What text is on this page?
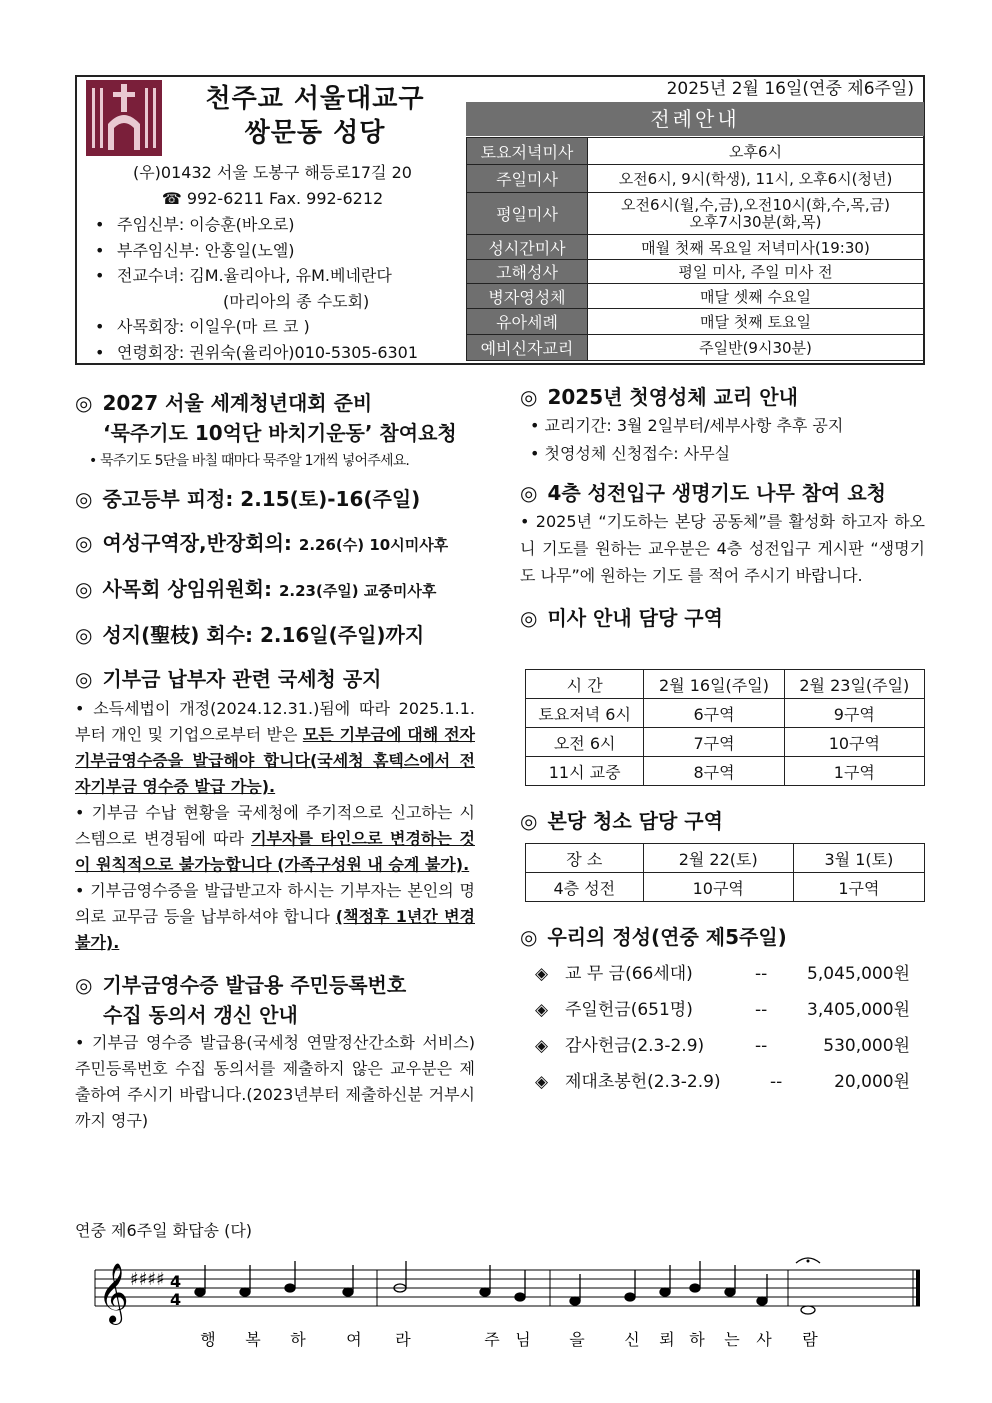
천주교 서울대교구
쌍문동 성당
(우)01432 서울 도봉구 해등로17길 20
☎ 992-6211 Fax. 992-6212
• 주임신부: 이승훈(바오로)
• 부주임신부: 안홍일(노엘)
• 전교수녀: 김M.율리아나, 유M.베네란다
(마리아의 종 수도회)
• 사목회장: 이일우(마 르 코 )
• 연령회장: 권위숙(율리아)010-5305-6301
2025년 2월 16일(연중 제6주일)
전례안내
토요저녁미사	오후6시
주일미사	오전6시, 9시(학생), 11시, 오후6시(청년)
평일미사	오전6시(월,수,금),오전10시(화,수,목,금)
오후7시30분(화,목)

성시간미사	매월 첫째 목요일 저녁미사(19:30)
고해성사	평일 미사, 주일 미사 전
병자영성체	매달 셋째 수요일
유아세례	매달 첫째 토요일
예비신자교리	주일반(9시30분)
◎ 2027 서울 세계청년대회 준비
‘묵주기도 10억단 바치기운동’ 참여요청
• 묵주기도 5단을 바칠 때마다 묵주알 1개씩 넣어주세요.
◎ 중고등부 피정: 2.15(토)-16(주일)
◎ 여성구역장,반장회의: 2.26(수) 10시미사후
◎ 사목회 상임위원회: 2.23(주일) 교중미사후
◎ 성지(聖枝) 회수: 2.16일(주일)까지
◎ 기부금 납부자 관련 국세청 공지
• 소득세법이 개정(2024.12.31.)됨에 따라 2025.1.1.부터 개인 및 기업으로부터 받은 모든 기부금에 대해 전자기부금영수증을 발급해야 합니다(국세청 홈텍스에서 전자기부금 영수증 발급 가능).
• 기부금 수납 현황을 국세청에 주기적으로 신고하는 시스템으로 변경됨에 따라 기부자를 타인으로 변경하는 것이 원칙적으로 불가능합니다 (가족구성원 내 승계 불가).
• 기부금영수증을 발급받고자 하시는 기부자는 본인의 명의로 교무금 등을 납부하셔야 합니다 (책정후 1년간 변경 불가).
◎ 기부금영수증 발급용 주민등록번호
수집 동의서 갱신 안내
• 기부금 영수증 발급용(국세청 연말정산간소화 서비스) 주민등록번호 수집 동의서를 제출하지 않은 교우분은 제출하여 주시기 바랍니다.(2023년부터 제출하신분 거부시까지 영구)
◎ 2025년 첫영성체 교리 안내
• 교리기간: 3월 2일부터/세부사항 추후 공지
• 첫영성체 신청접수: 사무실
◎ 4층 성전입구 생명기도 나무 참여 요청
• 2025년 “기도하는 본당 공동체”를 활성화 하고자 하오니 기도를 원하는 교우분은 4층 성전입구 게시판 “생명기도 나무”에 원하는 기도 를 적어 주시기 바랍니다.
◎ 미사 안내 담당 구역
시 간	2월 16일(주일)	2월 23일(주일)
토요저녁 6시	6구역	9구역
오전 6시	7구역	10구역
11시 교중	8구역	1구역
◎ 본당 청소 담당 구역
장 소	2월 22(토)	3월 1(토)
4층 성전	10구역	1구역
◎ 우리의 정성(연중 제5주일)
◈ 교 무 금(66세대)	-- 5,045,000원
◈ 주일헌금(651명)	-- 3,405,000원
◈ 감사헌금(2.3-2.9)	--	530,000원
◈ 제대초봉헌(2.3-2.9)	--	20,000원
연중 제6주일 화답송 (다)
𝄞 ♯♯♯♯ 4
4
행 복 하	여 라	주 님 을 신 뢰 하 는 사 람
